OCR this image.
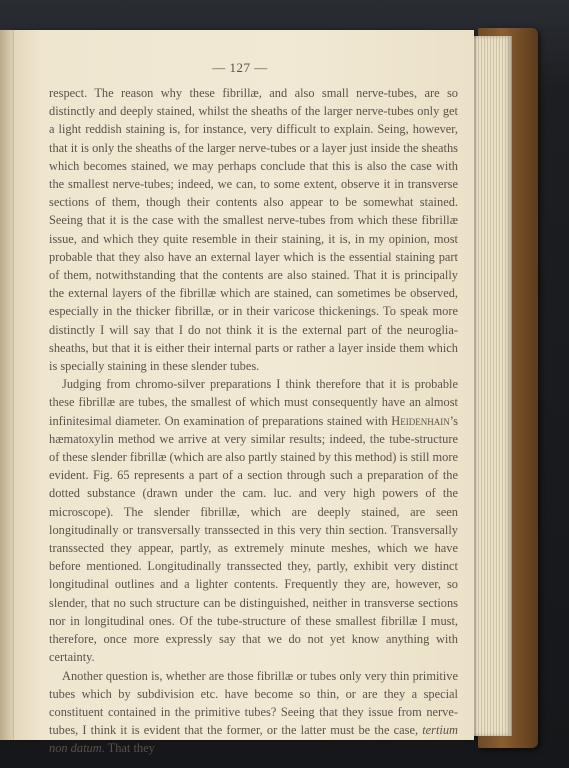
— 127 —

respect. The reason why these fibrillæ, and also small nerve-tubes, are so distinctly and deeply stained, whilst the sheaths of the larger nerve-tubes only get a light reddish staining is, for instance, very difficult to explain. Seing, however, that it is only the sheaths of the larger nerve-tubes or a layer just inside the sheaths which becomes stained, we may perhaps conclude that this is also the case with the smallest nerve-tubes; indeed, we can, to some extent, observe it in transverse sections of them, though their contents also appear to be somewhat stained. Seeing that it is the case with the smallest nerve-tubes from which these fibrillæ issue, and which they quite resemble in their staining, it is, in my opinion, most probable that they also have an external layer which is the essential staining part of them, notwithstanding that the contents are also stained. That it is principally the external layers of the fibrillæ which are stained, can sometimes be observed, especially in the thicker fibrillæ, or in their varicose thickenings. To speak more distinctly I will say that I do not think it is the external part of the neuroglia-sheaths, but that it is either their internal parts or rather a layer inside them which is specially staining in these slender tubes.

Judging from chromo-silver preparations I think therefore that it is probable these fibrillæ are tubes, the smallest of which must consequently have an almost infinitesimal diameter. On examination of preparations stained with Heidenhain’s hæmatoxylin method we arrive at very similar results; indeed, the tube-structure of these slender fibrillæ (which are also partly stained by this method) is still more evident. Fig. 65 represents a part of a section through such a preparation of the dotted substance (drawn under the cam. luc. and very high powers of the microscope). The slender fibrillæ, which are deeply stained, are seen longitudinally or transversally transsected in this very thin section. Transversally transsected they appear, partly, as extremely minute meshes, which we have before mentioned. Longitudinally transsected they, partly, exhibit very distinct longitudinal outlines and a lighter contents. Frequently they are, however, so slender, that no such structure can be distinguished, neither in transverse sections nor in longitudinal ones. Of the tube-structure of these smallest fibrillæ I must, therefore, once more expressly say that we do not yet know anything with certainty.

Another question is, whether are those fibrillæ or tubes only very thin primitive tubes which by subdivision etc. have become so thin, or are they a special constituent contained in the primitive tubes? Seeing that they issue from nerve-tubes, I think it is evident that the former, or the latter must be the case, tertium non datum. That they
